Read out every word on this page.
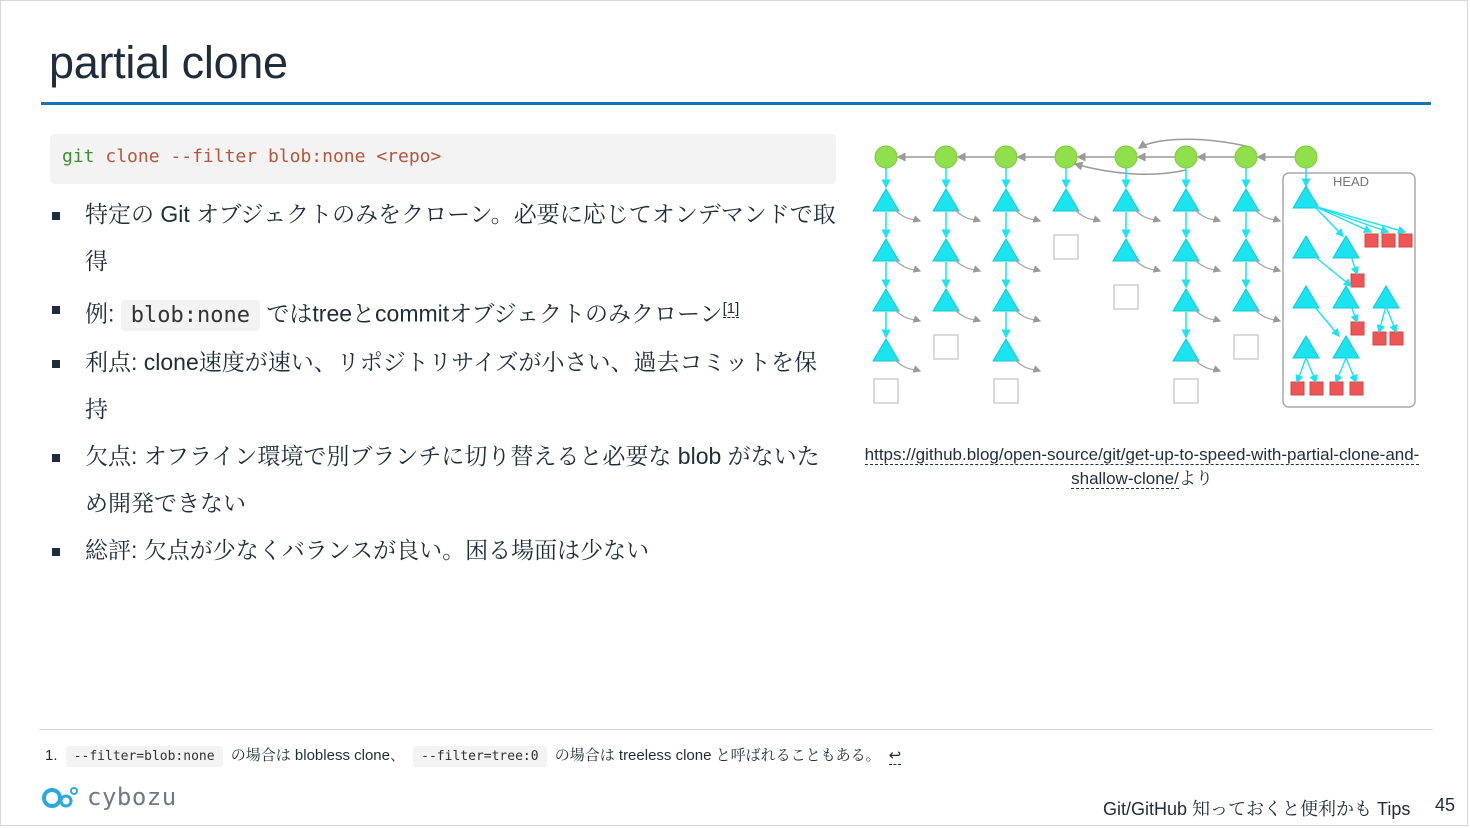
partial clone
git clone --filter blob:none <repo>
特定の Git オブジェクトのみをクローン。必要に応じてオンデマンドで取得
例: blob:none ではtreeとcommitオブジェクトのみクローン[1]
利点: clone速度が速い、リポジトリサイズが小さい、過去コミットを保持
欠点: オフライン環境で別ブランチに切り替えると必要な blob がないため開発できない
総評: 欠点が少なくバランスが良い。困る場面は少ない
HEAD
https://github.blog/open-source/git/get-up-to-speed-with-partial-clone-and-shallow-clone/より
1. --filter=blob:none の場合は blobless clone、 --filter=tree:0 の場合は treeless clone と呼ばれることもある。 ↩
cybozu	Git/GitHub 知っておくと便利かも Tips 45
